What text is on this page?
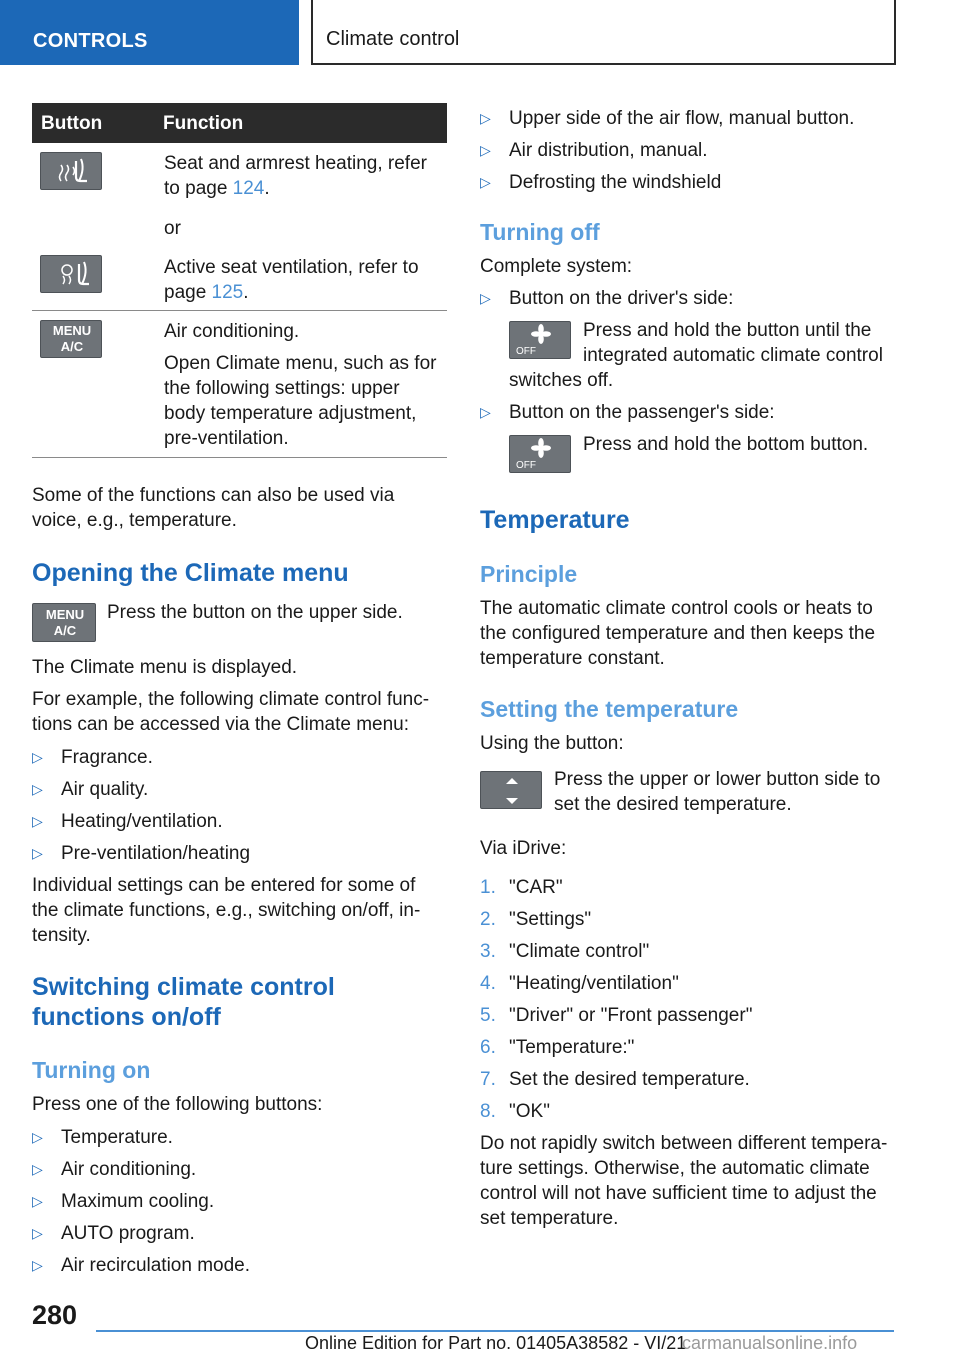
CONTROLS	Climate control
Button	Function
Seat and armrest heating, refer
to page 124.
or
Active seat ventilation, refer to
page 125.
MENU
A/C
Air conditioning.
Open Climate menu, such as for
the following settings: upper
body temperature adjustment,
pre-ventilation.
Some of the functions can also be used via
voice, e.g., temperature.
Opening the Climate menu
MENU
A/C
Press the button on the upper side.
The Climate menu is displayed.
For example, the following climate control func-
tions can be accessed via the Climate menu:
▷ Fragrance.
▷ Air quality.
▷ Heating/ventilation.
▷ Pre-ventilation/heating
Individual settings can be entered for some of
the climate functions, e.g., switching on/off, in-
tensity.
Switching climate control
functions on/off
Turning on
Press one of the following buttons:
▷ Temperature.
▷ Air conditioning.
▷ Maximum cooling.
▷ AUTO program.
▷ Air recirculation mode.
▷ Upper side of the air flow, manual button.
▷ Air distribution, manual.
▷ Defrosting the windshield
Turning off
Complete system:
▷ Button on the driver's side:
OFF
Press and hold the button until the
integrated automatic climate control
switches off.
▷ Button on the passenger's side:
OFF
Press and hold the bottom button.
Temperature
Principle
The automatic climate control cools or heats to
the configured temperature and then keeps the
temperature constant.
Setting the temperature
Using the button:
Press the upper or lower button side to
set the desired temperature.
Via iDrive:
1. "CAR"
2. "Settings"
3. "Climate control"
4. "Heating/ventilation"
5. "Driver" or "Front passenger"
6. "Temperature:"
7. Set the desired temperature.
8. "OK"
Do not rapidly switch between different tempera-
ture settings. Otherwise, the automatic climate
control will not have sufficient time to adjust the
set temperature.
280
Online Edition for Part no. 01405A38582 - VI/21
carmanualsonline.info
